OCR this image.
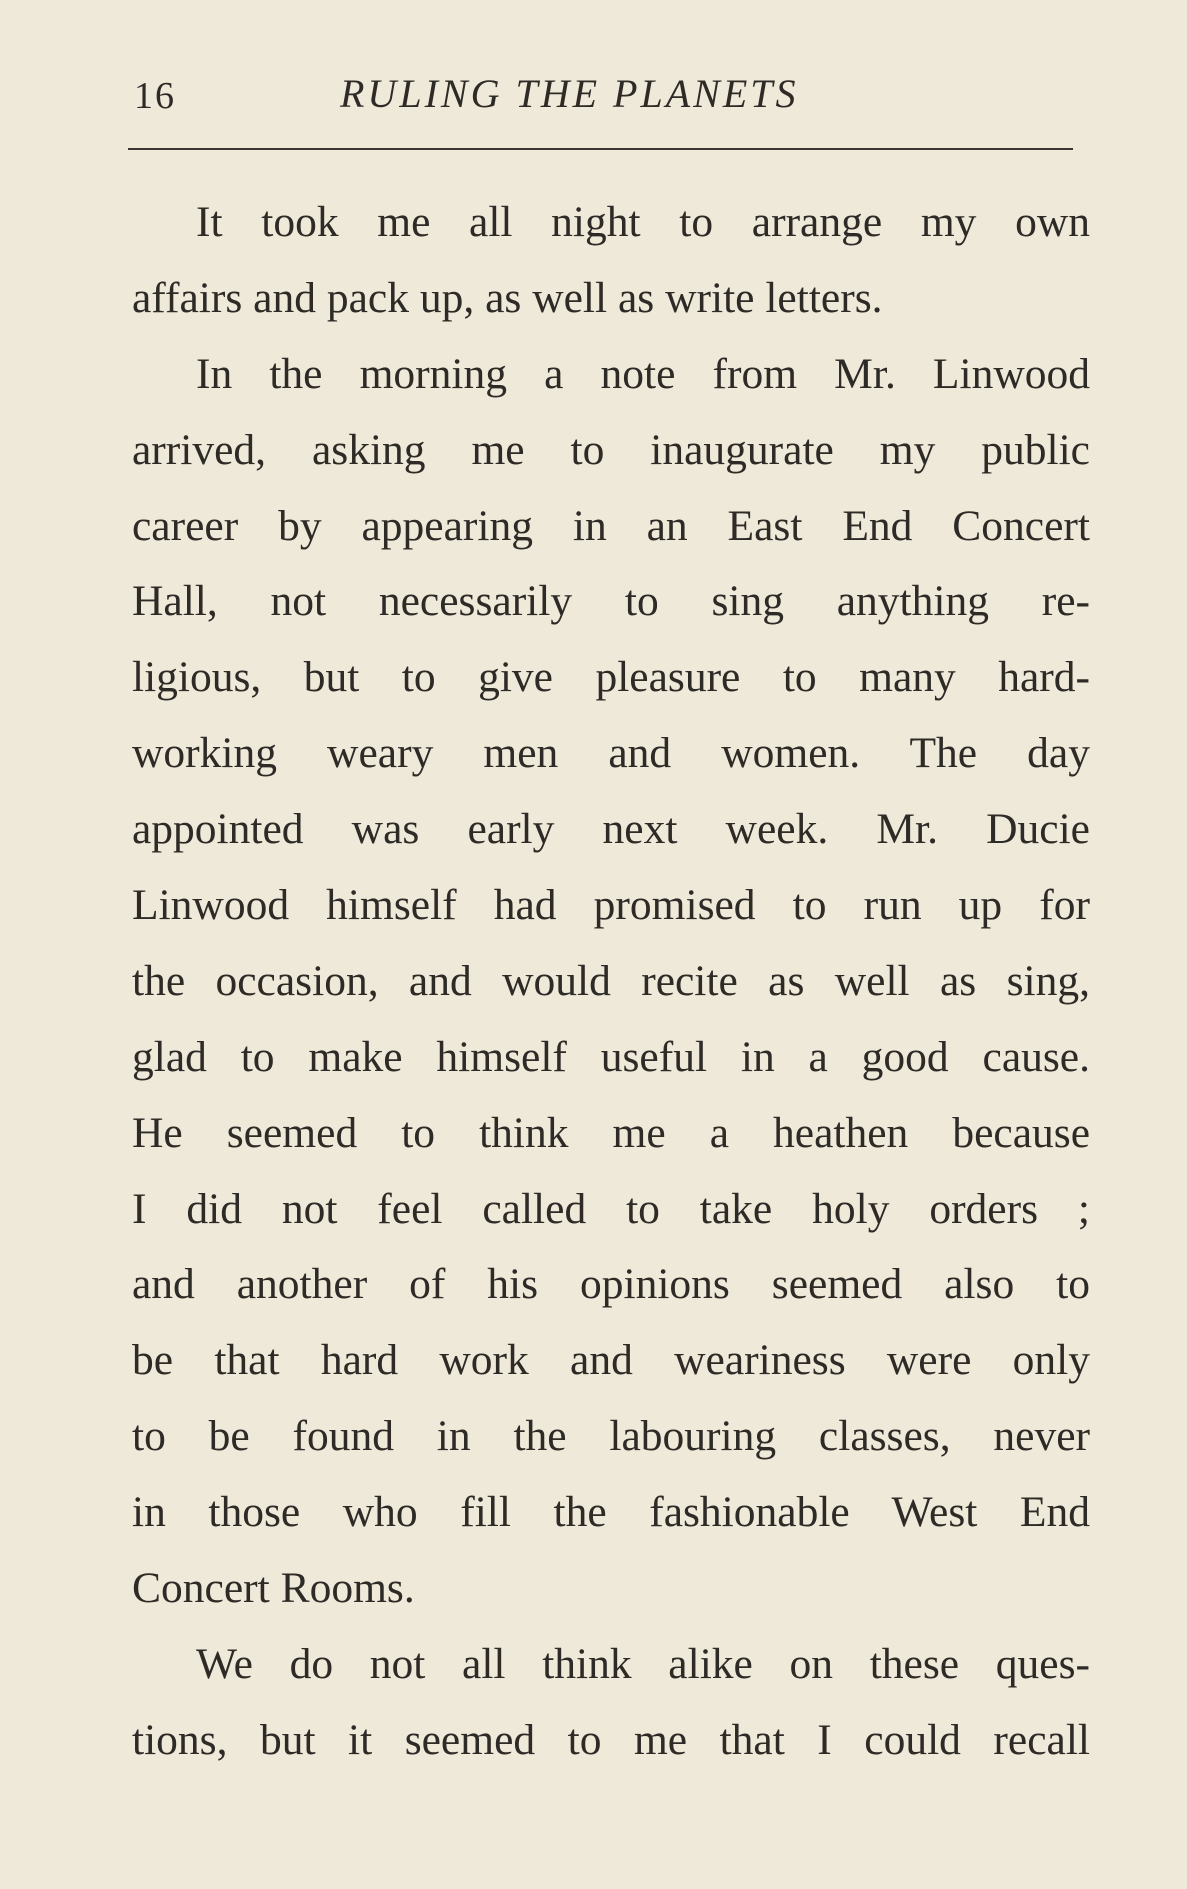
16	RULING THE PLANETS
It took me all night to arrange my own
affairs and pack up, as well as write letters.
In the morning a note from Mr. Linwood
arrived, asking me to inaugurate my public
career by appearing in an East End Concert
Hall, not necessarily to sing anything re-
ligious, but to give pleasure to many hard-
working weary men and women. The day
appointed was early next week. Mr. Ducie
Linwood himself had promised to run up for
the occasion, and would recite as well as sing,
glad to make himself useful in a good cause.
He seemed to think me a heathen because
I did not feel called to take holy orders ;
and another of his opinions seemed also to
be that hard work and weariness were only
to be found in the labouring classes, never
in those who fill the fashionable West End
Concert Rooms.
We do not all think alike on these ques-
tions, but it seemed to me that I could recall
